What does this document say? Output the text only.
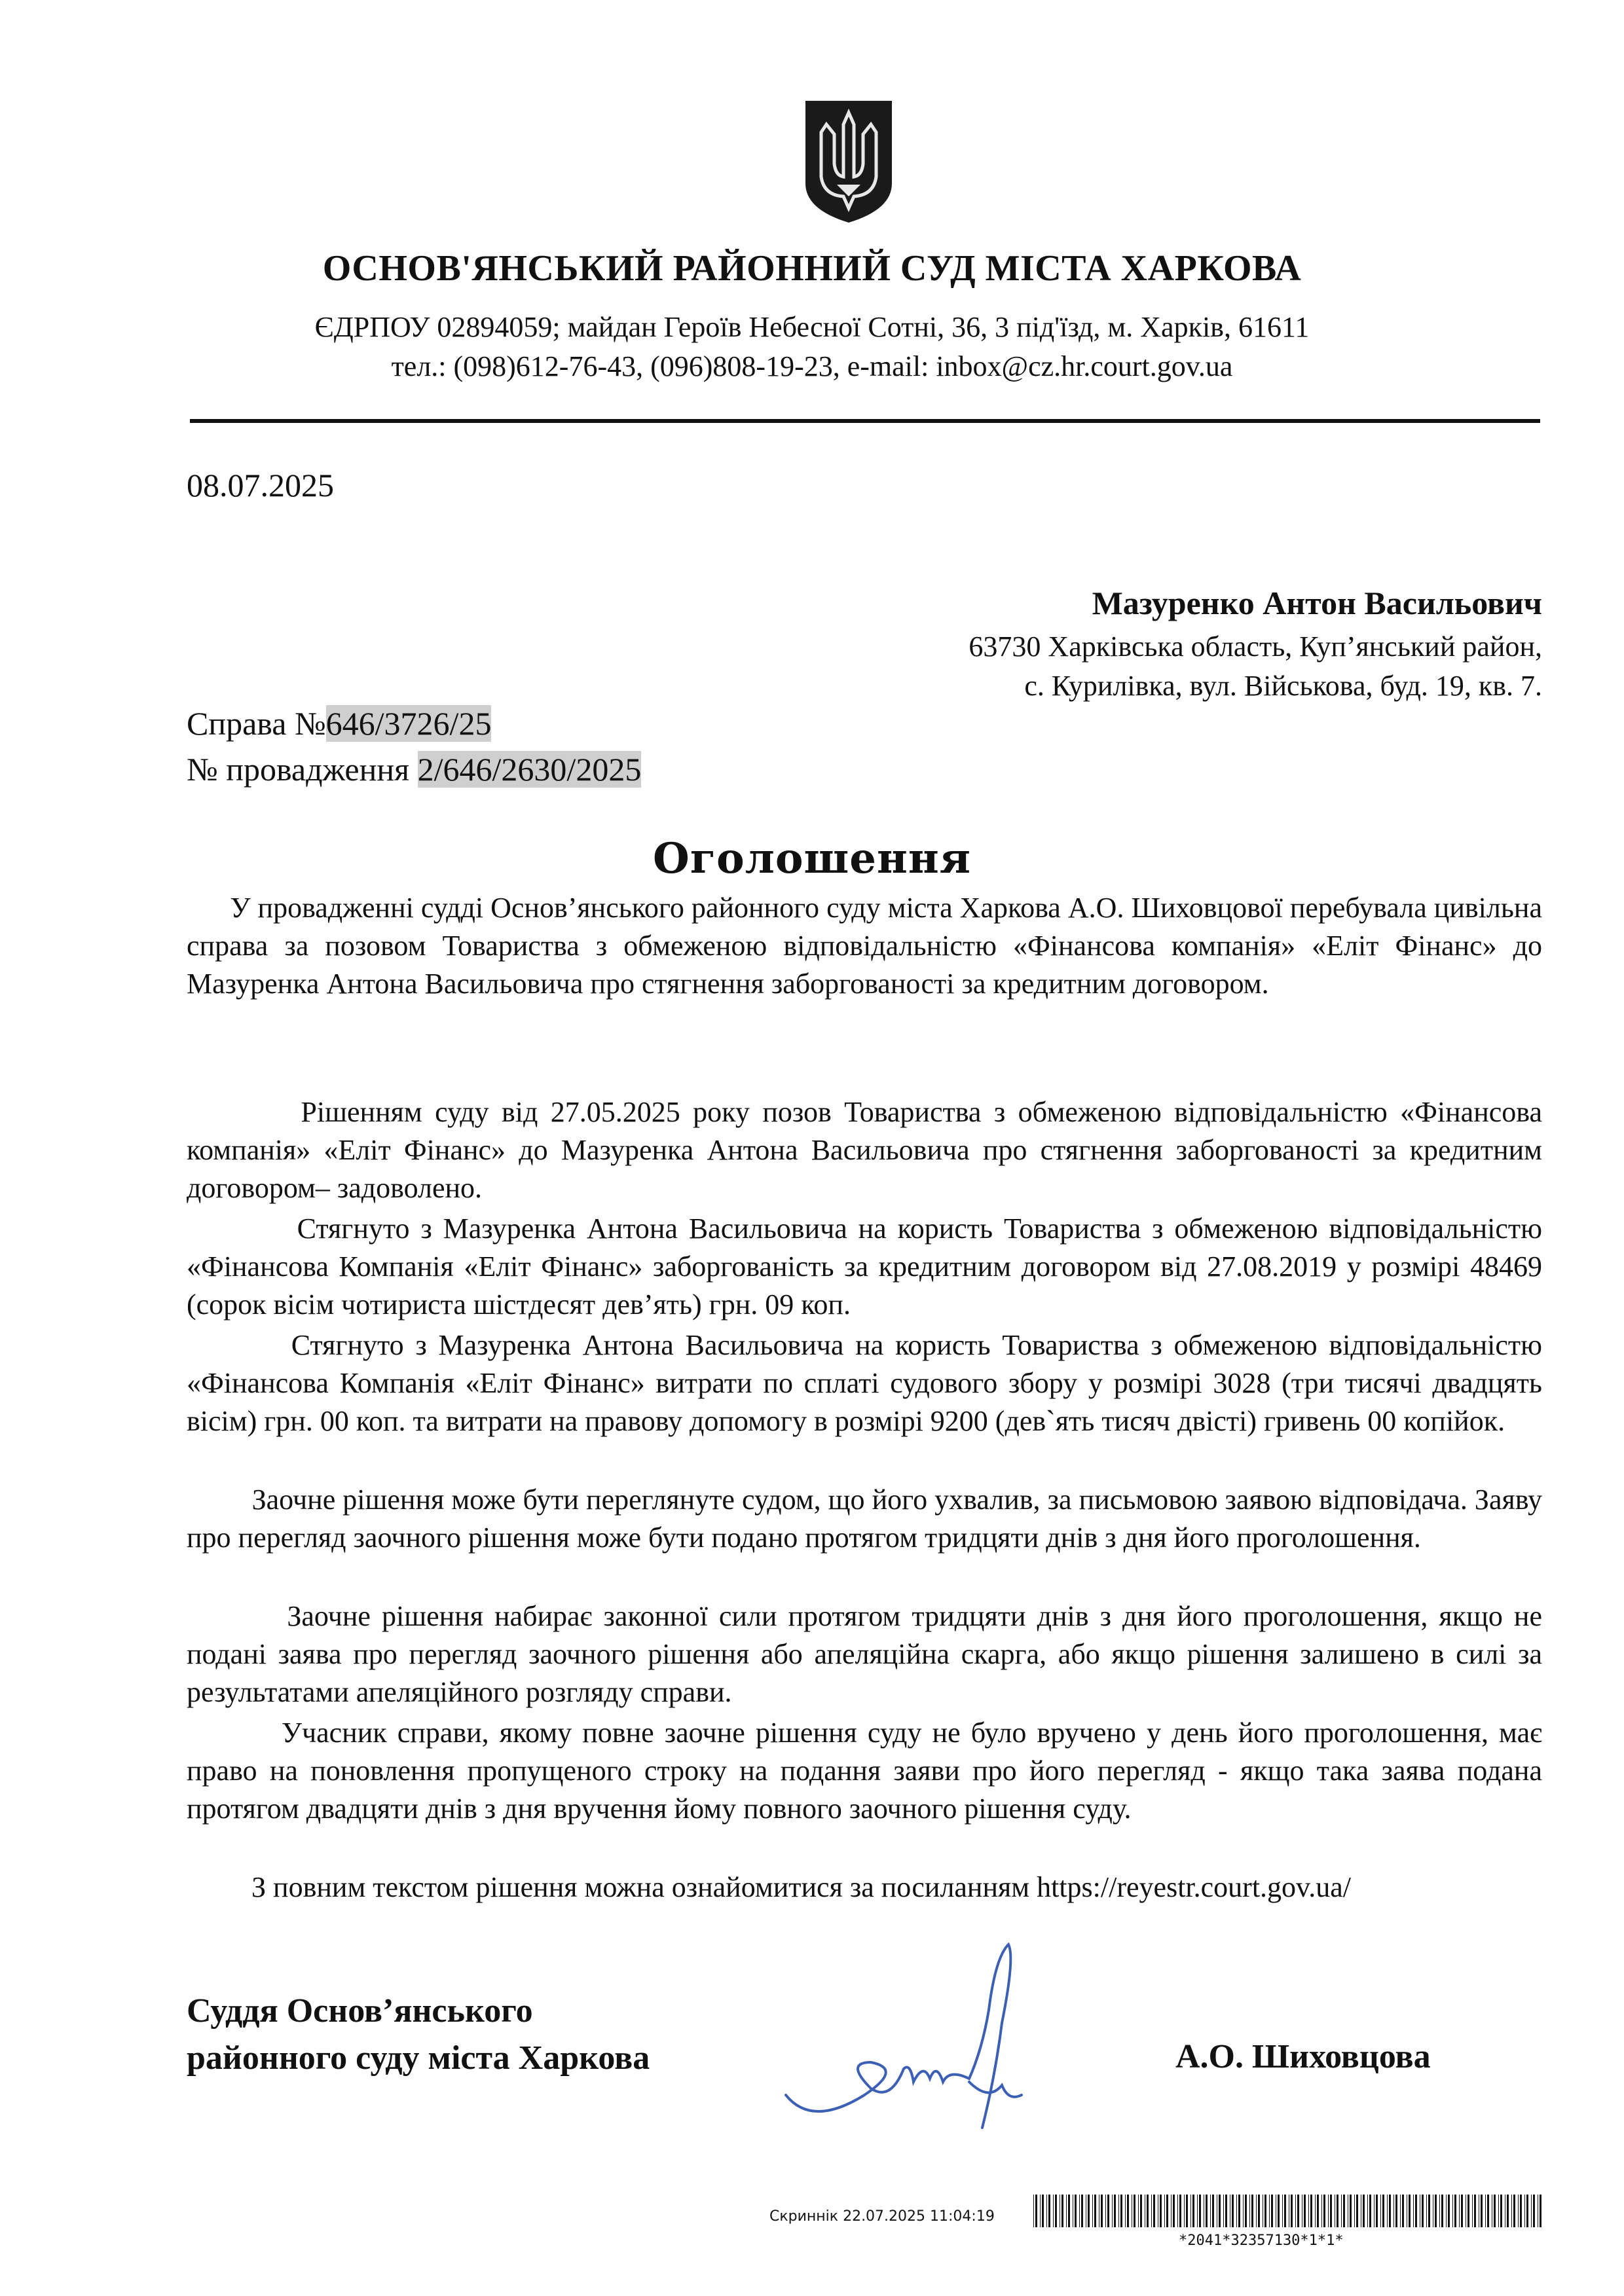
ОСНОВ'ЯНСЬКИЙ РАЙОННИЙ СУД МІСТА ХАРКОВА
ЄДРПОУ 02894059; майдан Героїв Небесної Сотні, 36, 3 під'їзд, м. Харків, 61611
тел.: (098)612-76-43, (096)808-19-23, e-mail: inbox@cz.hr.court.gov.ua
08.07.2025
Мазуренко Антон Васильович
63730 Харківська область, Куп’янський район,
с. Курилівка, вул. Військова, буд. 19, кв. 7.
Справа №646/3726/25
№ провадження 2/646/2630/2025
Оголошення
У провадженні судді Основ’янського районного суду міста Харкова А.О. Шиховцової перебувала цивільна справа за позовом Товариства з обмеженою відповідальністю «Фінансова компанія» «Еліт Фінанс» до Мазуренка Антона Васильовича про стягнення заборгованості за кредитним договором.
Рішенням суду від 27.05.2025 року позов Товариства з обмеженою відповідальністю «Фінансова компанія» «Еліт Фінанс» до Мазуренка Антона Васильовича про стягнення заборгованості за кредитним договором– задоволено.
Стягнуто з Мазуренка Антона Васильовича на користь Товариства з обмеженою відповідальністю «Фінансова Компанія «Еліт Фінанс» заборгованість за кредитним договором від 27.08.2019 у розмірі 48469 (сорок вісім чотириста шістдесят дев’ять) грн. 09 коп.
Стягнуто з Мазуренка Антона Васильовича на користь Товариства з обмеженою відповідальністю «Фінансова Компанія «Еліт Фінанс» витрати по сплаті судового збору у розмірі 3028 (три тисячі двадцять вісім) грн. 00 коп. та витрати на правову допомогу в розмірі 9200 (дев`ять тисяч двісті) гривень 00 копійок.
Заочне рішення може бути переглянуте судом, що його ухвалив, за письмовою заявою відповідача. Заяву про перегляд заочного рішення може бути подано протягом тридцяти днів з дня його проголошення.
Заочне рішення набирає законної сили протягом тридцяти днів з дня його проголошення, якщо не подані заява про перегляд заочного рішення або апеляційна скарга, або якщо рішення залишено в силі за результатами апеляційного розгляду справи.
Учасник справи, якому повне заочне рішення суду не було вручено у день його проголошення, має право на поновлення пропущеного строку на подання заяви про його перегляд - якщо така заява подана протягом двадцяти днів з дня вручення йому повного заочного рішення суду.
З повним текстом рішення можна ознайомитися за посиланням https://reyestr.court.gov.ua/
Суддя Основ’янського
районного суду міста Харкова	А.О. Шиховцова
Скриннік 22.07.2025 11:04:19
*2041*32357130*1*1*
